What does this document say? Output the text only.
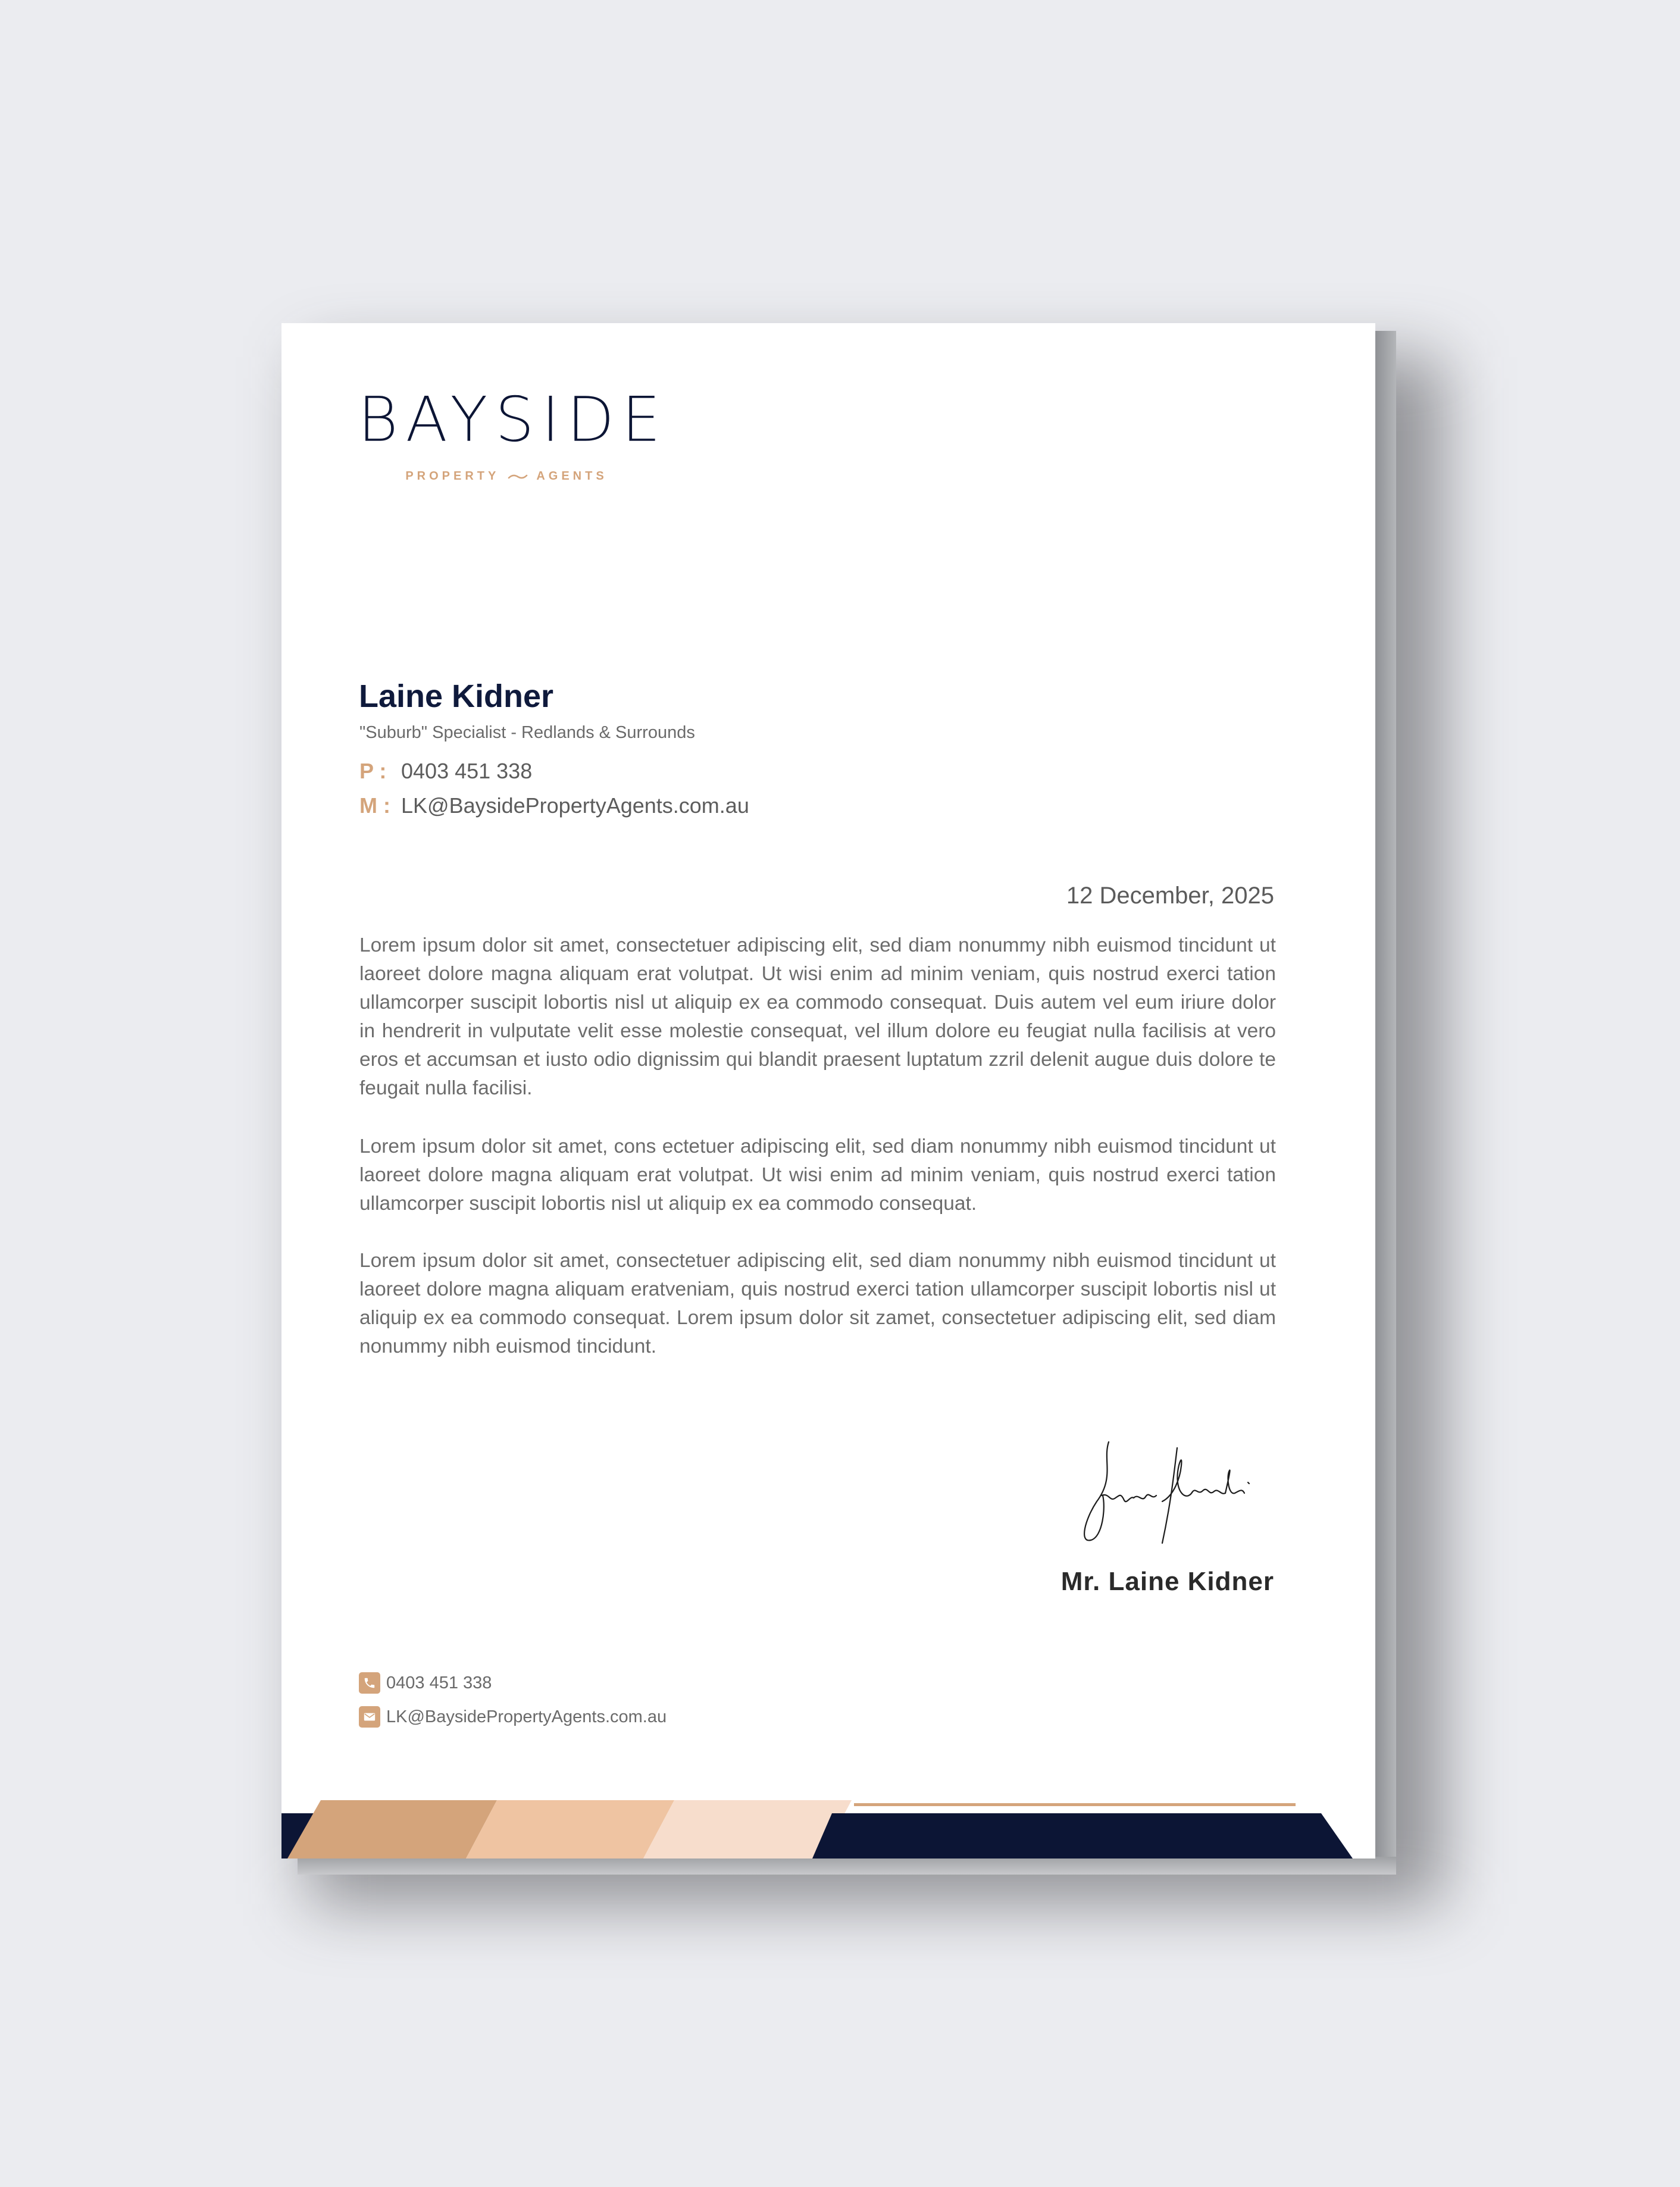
BAYSIDE
PROPERTY	AGENTS
Laine Kidner
"Suburb" Specialist - Redlands & Surrounds
P : 0403 451 338
M : LK@BaysidePropertyAgents.com.au
12 December, 2025

Lorem ipsum dolor sit amet, consectetuer adipiscing elit, sed diam nonummy nibh euismod tincidunt ut laoreet dolore magna aliquam erat volutpat. Ut wisi enim ad minim veniam, quis nostrud exerci tation ullamcorper suscipit lobortis nisl ut aliquip ex ea commodo consequat. Duis autem vel eum iriure dolor in hendrerit in vulputate velit esse molestie consequat, vel illum dolore eu feugiat nulla facilisis at vero eros et accumsan et iusto odio dignissim qui blandit praesent luptatum zzril delenit augue duis dolore te feugait nulla facilisi.

Lorem ipsum dolor sit amet, cons ectetuer adipiscing elit, sed diam nonummy nibh euismod tincidunt ut laoreet dolore magna aliquam erat volutpat. Ut wisi enim ad minim veniam, quis nostrud exerci tation ullamcorper suscipit lobortis nisl ut aliquip ex ea commodo consequat.

Lorem ipsum dolor sit amet, consectetuer adipiscing elit, sed diam nonummy nibh euismod tincidunt ut laoreet dolore magna aliquam eratveniam, quis nostrud exerci tation ullamcorper suscipit lobortis nisl ut aliquip ex ea commodo consequat. Lorem ipsum dolor sit zamet, consectetuer adipiscing elit, sed diam nonummy nibh euismod tincidunt.

Mr. Laine Kidner
0403 451 338
LK@BaysidePropertyAgents.com.au
